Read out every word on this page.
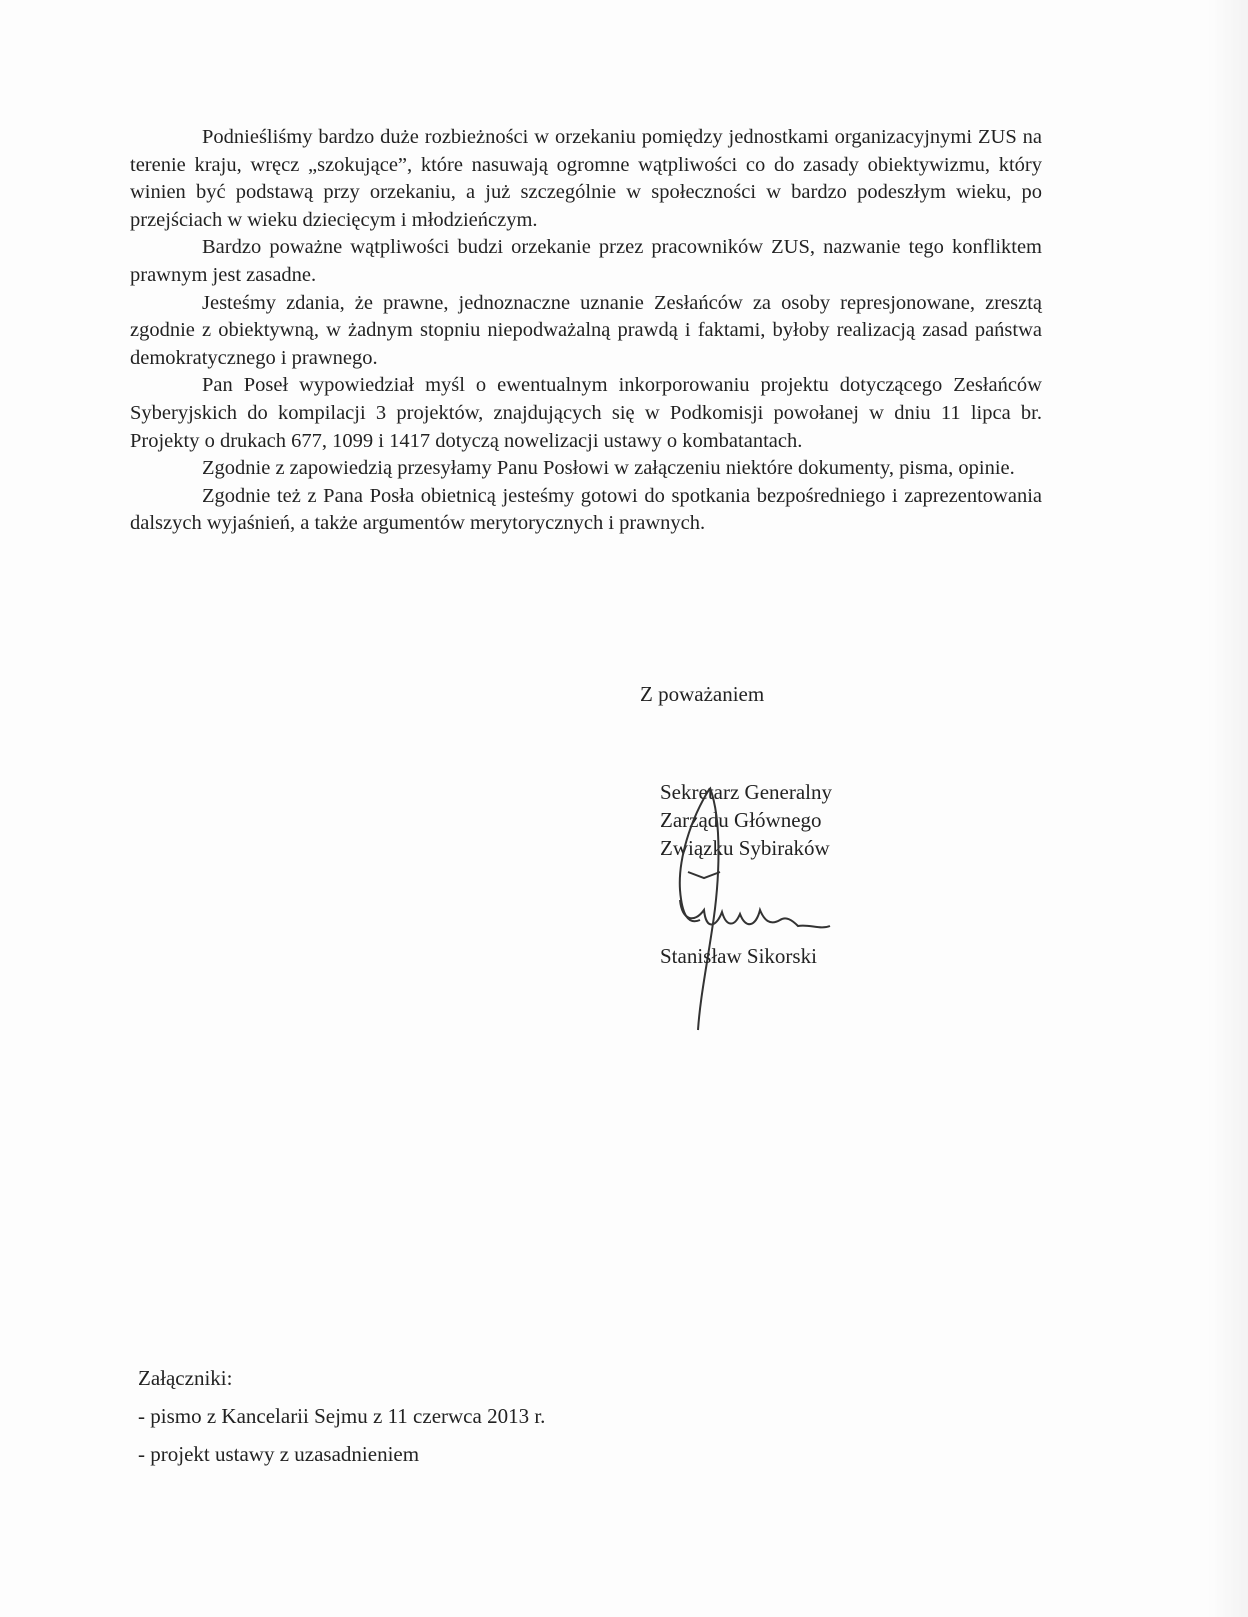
Podnieśliśmy bardzo duże rozbieżności w orzekaniu pomiędzy jednostkami organizacyjnymi ZUS na terenie kraju, wręcz „szokujące”, które nasuwają ogromne wątpliwości co do zasady obiektywizmu, który winien być podstawą przy orzekaniu, a już szczególnie w społeczności w bardzo podeszłym wieku, po przejściach w wieku dziecięcym i młodzieńczym.

Bardzo poważne wątpliwości budzi orzekanie przez pracowników ZUS, nazwanie tego konfliktem prawnym jest zasadne.

Jesteśmy zdania, że prawne, jednoznaczne uznanie Zesłańców za osoby represjonowane, zresztą zgodnie z obiektywną, w żadnym stopniu niepodważalną prawdą i faktami, byłoby realizacją zasad państwa demokratycznego i prawnego.

Pan Poseł wypowiedział myśl o ewentualnym inkorporowaniu projektu dotyczącego Zesłańców Syberyjskich do kompilacji 3 projektów, znajdujących się w Podkomisji powołanej w dniu 11 lipca br. Projekty o drukach 677, 1099 i 1417 dotyczą nowelizacji ustawy o kombatantach.

Zgodnie z zapowiedzią przesyłamy Panu Posłowi w załączeniu niektóre dokumenty, pisma, opinie.

Zgodnie też z Pana Posła obietnicą jesteśmy gotowi do spotkania bezpośredniego i zaprezentowania dalszych wyjaśnień, a także argumentów merytorycznych i prawnych.

Z poważaniem
Sekretarz Generalny
Zarządu Głównego
Związku Sybiraków
Stanisław Sikorski
Załączniki:
- pismo z Kancelarii Sejmu z 11 czerwca 2013 r.
- projekt ustawy z uzasadnieniem
